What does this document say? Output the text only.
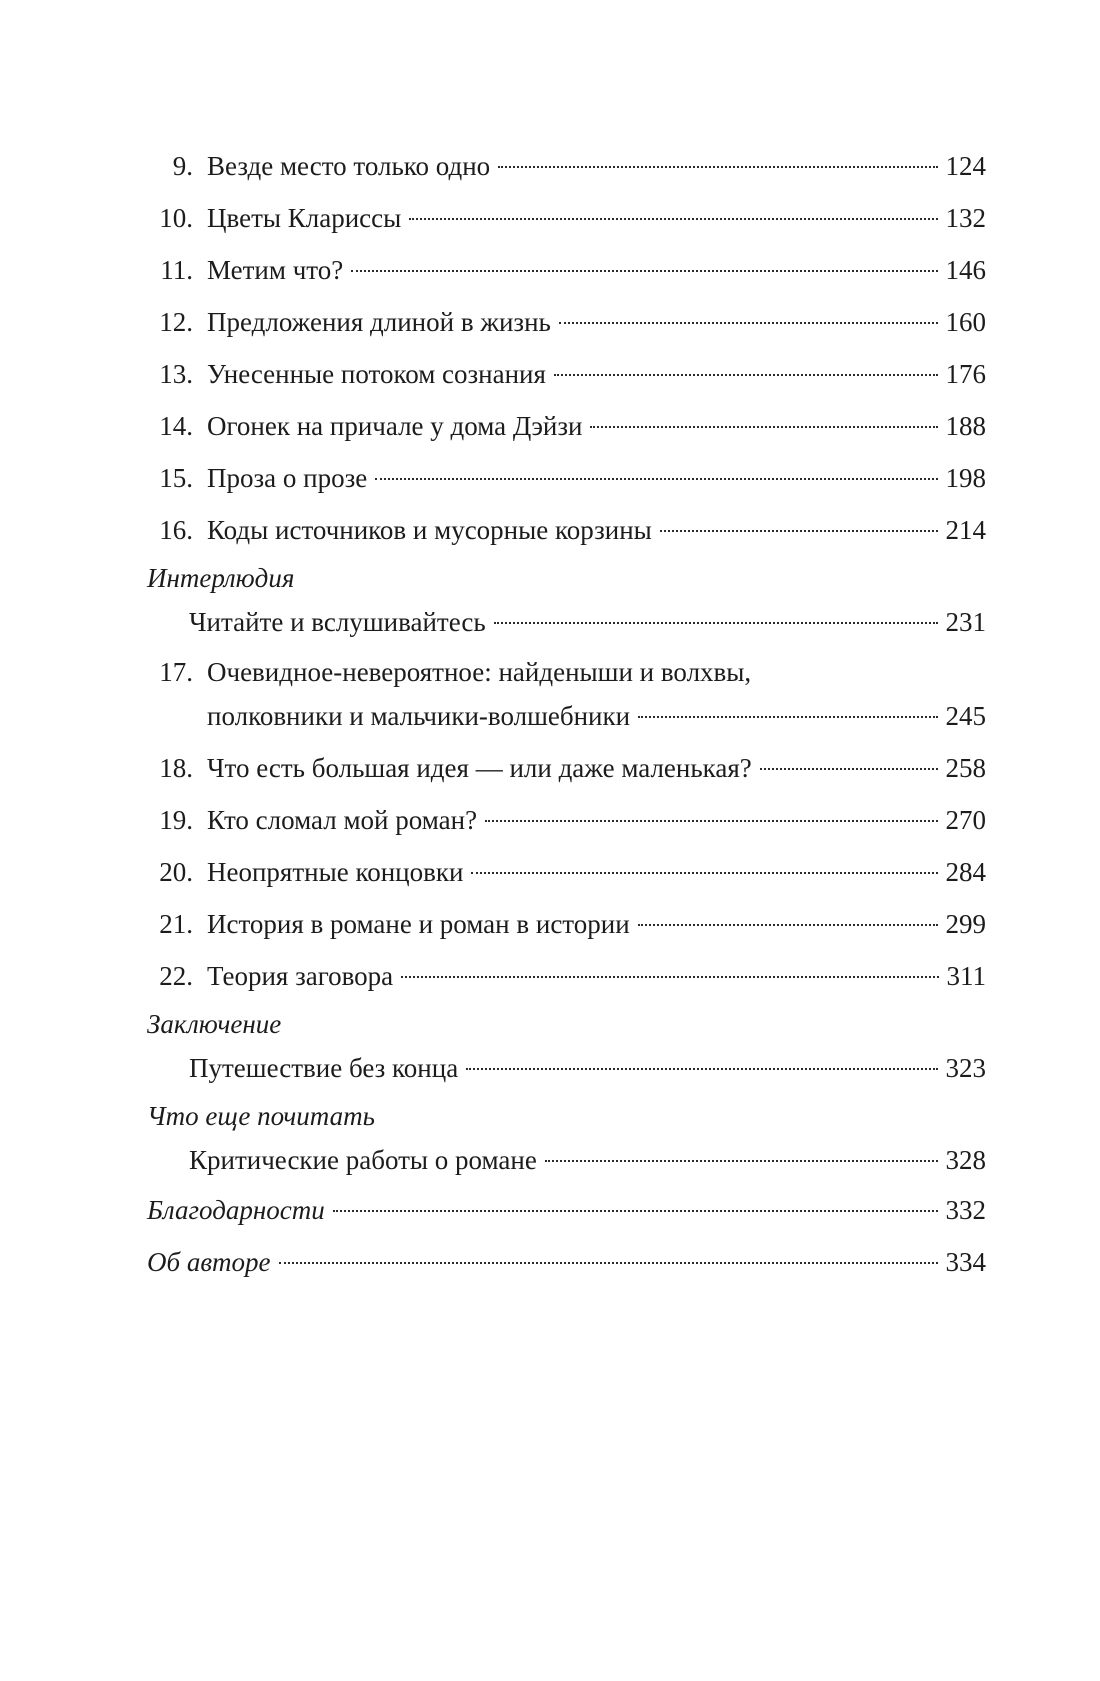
9. Везде место только одно	124
10. Цветы Клариссы	132
11. Метим что?	146
12. Предложения длиной в жизнь	160
13. Унесенные потоком сознания	176
14. Огонек на причале у дома Дэйзи	188
15. Проза о прозе	198
16. Коды источников и мусорные корзины	214
Интерлюдия
Читайте и вслушивайтесь	231
17. Очевидное-невероятное: найденыши и волхвы,
полковники и мальчики-волшебники	245
18. Что есть большая идея — или даже маленькая?	258
19. Кто сломал мой роман?	270
20. Неопрятные концовки	284
21. История в романе и роман в истории	299
22. Теория заговора	311
Заключение
Путешествие без конца	323
Что еще почитать
Критические работы о романе	328
Благодарности	332
Об авторе	334
